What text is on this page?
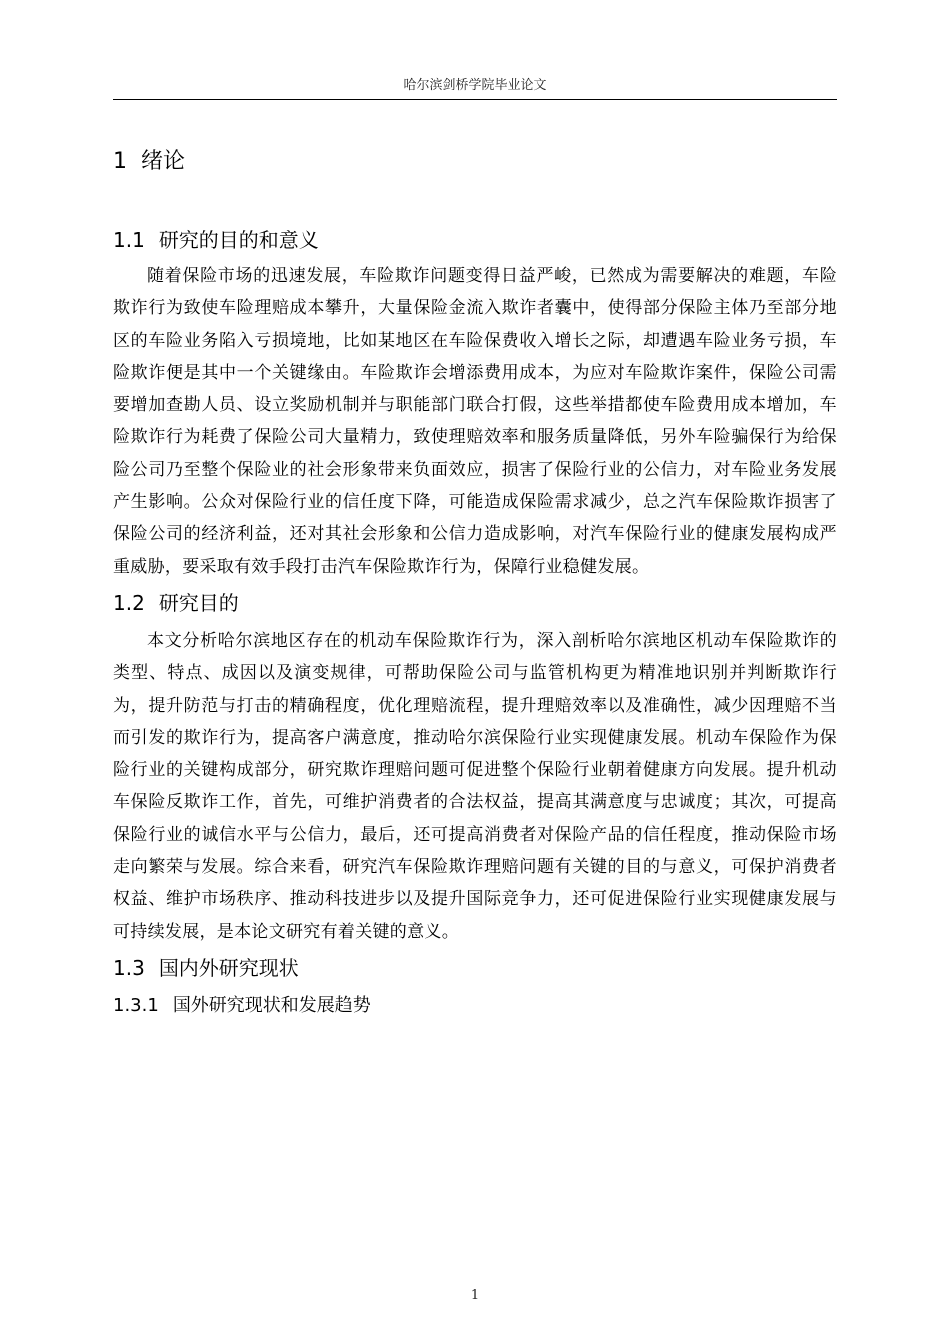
哈尔滨剑桥学院毕业论文
1 绪论
1.1 研究的目的和意义

随着保险市场的迅速发展，车险欺诈问题变得日益严峻，已然成为需要解决的难题，车险欺诈行为致使车险理赔成本攀升，大量保险金流入欺诈者囊中，使得部分保险主体乃至部分地区的车险业务陷入亏损境地，比如某地区在车险保费收入增长之际，却遭遇车险业务亏损，车险欺诈便是其中一个关键缘由。车险欺诈会增添费用成本，为应对车险欺诈案件，保险公司需要增加查勘人员、设立奖励机制并与职能部门联合打假，这些举措都使车险费用成本增加，车险欺诈行为耗费了保险公司大量精力，致使理赔效率和服务质量降低，另外车险骗保行为给保险公司乃至整个保险业的社会形象带来负面效应，损害了保险行业的公信力，对车险业务发展产生影响。公众对保险行业的信任度下降，可能造成保险需求减少，总之汽车保险欺诈损害了保险公司的经济利益，还对其社会形象和公信力造成影响，对汽车保险行业的健康发展构成严重威胁，要采取有效手段打击汽车保险欺诈行为，保障行业稳健发展。

1.2 研究目的

本文分析哈尔滨地区存在的机动车保险欺诈行为，深入剖析哈尔滨地区机动车保险欺诈的类型、特点、成因以及演变规律，可帮助保险公司与监管机构更为精准地识别并判断欺诈行为，提升防范与打击的精确程度，优化理赔流程，提升理赔效率以及准确性，减少因理赔不当而引发的欺诈行为，提高客户满意度，推动哈尔滨保险行业实现健康发展。机动车保险作为保险行业的关键构成部分，研究欺诈理赔问题可促进整个保险行业朝着健康方向发展。提升机动车保险反欺诈工作，首先，可维护消费者的合法权益，提高其满意度与忠诚度；其次，可提高保险行业的诚信水平与公信力，最后，还可提高消费者对保险产品的信任程度，推动保险市场走向繁荣与发展。综合来看，研究汽车保险欺诈理赔问题有关键的目的与意义，可保护消费者权益、维护市场秩序、推动科技进步以及提升国际竞争力，还可促进保险行业实现健康发展与可持续发展，是本论文研究有着关键的意义。

1.3 国内外研究现状
1.3.1 国外研究现状和发展趋势
1
